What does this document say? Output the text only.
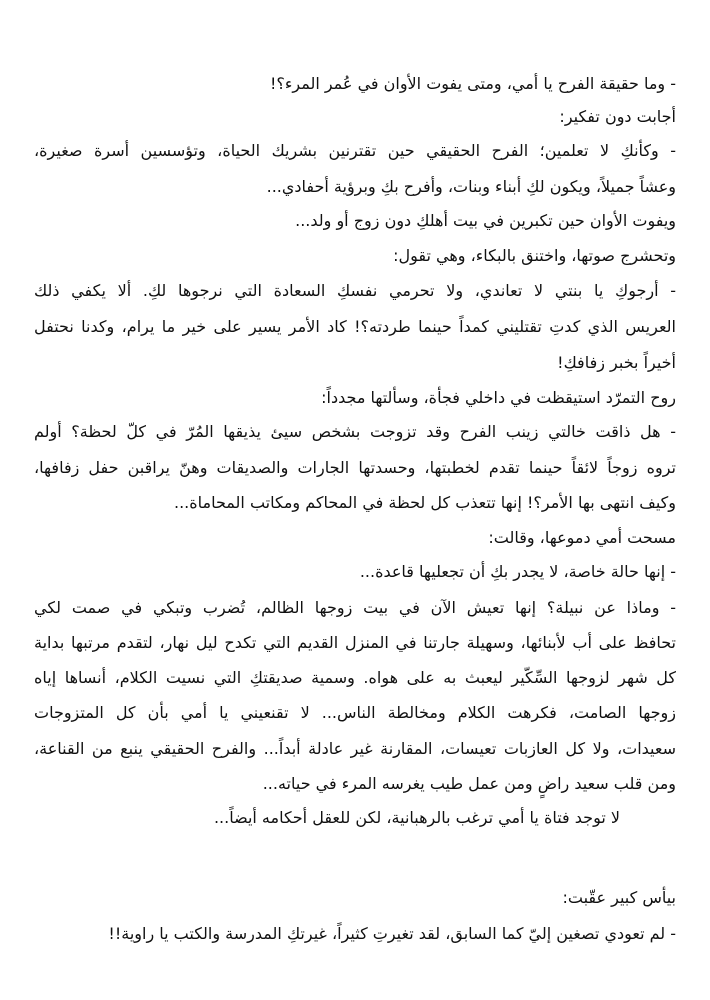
- وما حقيقة الفرح يا أمي، ومتى يفوت الأوان في عُمر المرء؟!

أجابت دون تفكير:

- وكأنكِ لا تعلمين؛ الفرح الحقيقي حين تقترنين بشريك الحياة، وتؤسسين أسرة صغيرة،

وعشاً جميلاً، ويكون لكِ أبناء وبنات، وأفرح بكِ وبرؤية أحفادي...

ويفوت الأوان حين تكبرين في بيت أهلكِ دون زوج أو ولد...

وتحشرج صوتها، واختنق بالبكاء، وهي تقول:

- أرجوكِ يا بنتي لا تعاندي، ولا تحرمي نفسكِ السعادة التي نرجوها لكِ. ألا يكفي ذلك

العريس الذي كدتِ تقتليني كمداً حينما طردته؟! كاد الأمر يسير على خير ما يرام، وكدنا نحتفل

أخيراً بخبر زفافكِ!

روح التمرّد استيقظت في داخلي فجأة، وسألتها مجدداً:

- هل ذاقت خالتي زينب الفرح وقد تزوجت بشخص سيئ يذيقها المُرّ في كلّ لحظة؟ أولم

تروه زوجاً لائقاً حينما تقدم لخطبتها، وحسدتها الجارات والصديقات وهنّ يراقبن حفل زفافها،

وكيف انتهى بها الأمر؟! إنها تتعذب كل لحظة في المحاكم ومكاتب المحاماة...

مسحت أمي دموعها، وقالت:

- إنها حالة خاصة، لا يجدر بكِ أن تجعليها قاعدة...

- وماذا عن نبيلة؟ إنها تعيش الآن في بيت زوجها الظالم، تُضرب وتبكي في صمت لكي

تحافظ على أب لأبنائها، وسهيلة جارتنا في المنزل القديم التي تكدح ليل نهار، لتقدم مرتبها بداية

كل شهر لزوجها السِّكّير ليعبث به على هواه. وسمية صديقتكِ التي نسيت الكلام، أنساها إياه

زوجها الصامت، فكرهت الكلام ومخالطة الناس... لا تقنعيني يا أمي بأن كل المتزوجات

سعيدات، ولا كل العازبات تعيسات، المقارنة غير عادلة أبداً... والفرح الحقيقي ينبع من القناعة،

ومن قلب سعيد راضٍ ومن عمل طيب يغرسه المرء في حياته...

لا توجد فتاة يا أمي ترغب بالرهبانية، لكن للعقل أحكامه أيضاً...

بيأس كبير عقّبت:

- لم تعودي تصغين إليّ كما السابق، لقد تغيرتِ كثيراً، غيرتكِ المدرسة والكتب يا راوية!!
